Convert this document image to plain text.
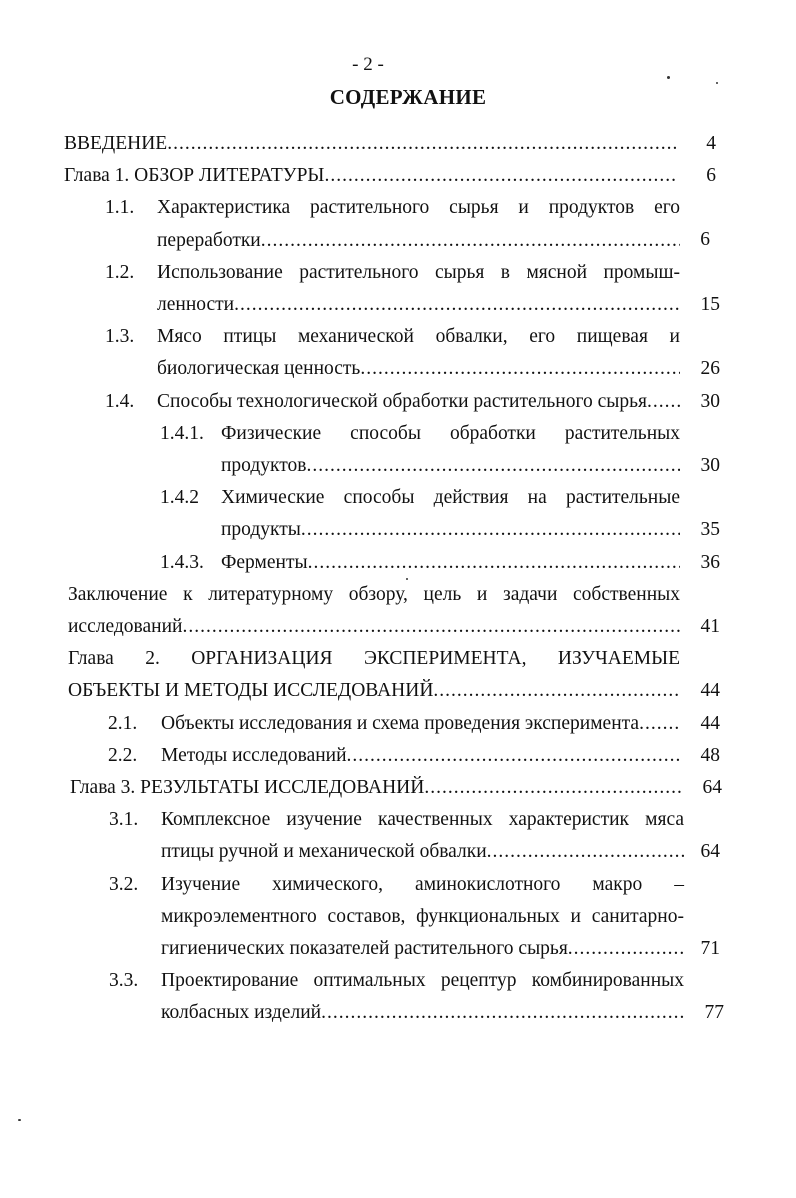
- 2 -
СОДЕРЖАНИЕ
ВВЕДЕНИЕ .....	4
Глава 1. ОБЗОР ЛИТЕРАТУРЫ .....	6
1.1. Характеристика растительного сырья и продуктов его
переработки .....	6
1.2. Использование растительного сырья в мясной промыш-
ленности .....	15
1.3. Мясо птицы механической обвалки, его пищевая и
биологическая ценность .....	26
1.4. Способы технологической обработки растительного сырья .....	30
1.4.1. Физические способы обработки растительных
продуктов .....	30
1.4.2 Химические способы действия на растительные
продукты .....	35
1.4.3. Ферменты .....	36
Заключение к литературному обзору, цель и задачи собственных
исследований .....	41
Глава 2. ОРГАНИЗАЦИЯ ЭКСПЕРИМЕНТА, ИЗУЧАЕМЫЕ
ОБЪЕКТЫ И МЕТОДЫ ИССЛЕДОВАНИЙ .....	44
2.1. Объекты исследования и схема проведения эксперимента .....	44
2.2. Методы исследований .....	48
Глава 3. РЕЗУЛЬТАТЫ ИССЛЕДОВАНИЙ .....	64
3.1. Комплексное изучение качественных характеристик мяса
птицы ручной и механической обвалки .....	64
3.2. Изучение химического, аминокислотного макро –
микроэлементного составов, функциональных и санитарно-
гигиенических показателей растительного сырья .....	71
3.3. Проектирование оптимальных рецептур комбинированных
колбасных изделий .....	77
